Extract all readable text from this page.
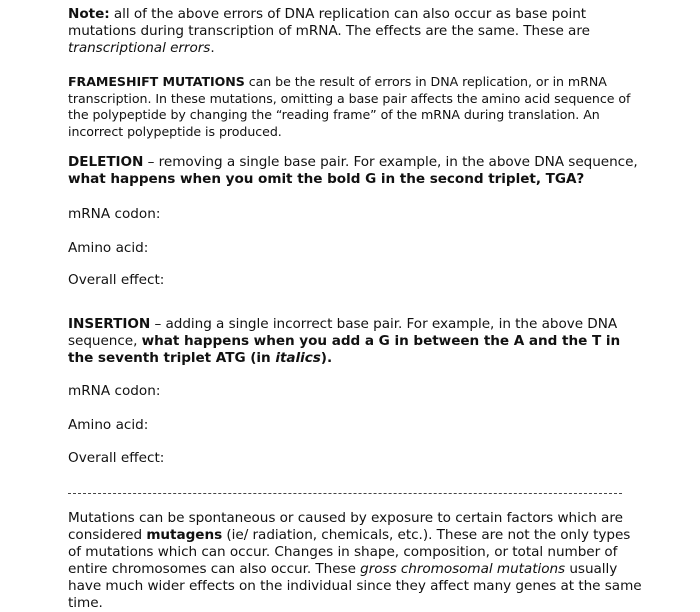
Note: all of the above errors of DNA replication can also occur as base point mutations during transcription of mRNA. The effects are the same. These are transcriptional errors.

FRAMESHIFT MUTATIONS can be the result of errors in DNA replication, or in mRNA transcription. In these mutations, omitting a base pair affects the amino acid sequence of the polypeptide by changing the “reading frame” of the mRNA during translation. An incorrect polypeptide is produced.

DELETION – removing a single base pair. For example, in the above DNA sequence, what happens when you omit the bold G in the second triplet, TGA?

mRNA codon:

Amino acid:

Overall effect:

INSERTION – adding a single incorrect base pair. For example, in the above DNA sequence, what happens when you add a G in between the A and the T in the seventh triplet ATG (in italics).

mRNA codon:

Amino acid:

Overall effect:

Mutations can be spontaneous or caused by exposure to certain factors which are considered mutagens (ie/ radiation, chemicals, etc.). These are not the only types of mutations which can occur. Changes in shape, composition, or total number of entire chromosomes can also occur. These gross chromosomal mutations usually have much wider effects on the individual since they affect many genes at the same time.
